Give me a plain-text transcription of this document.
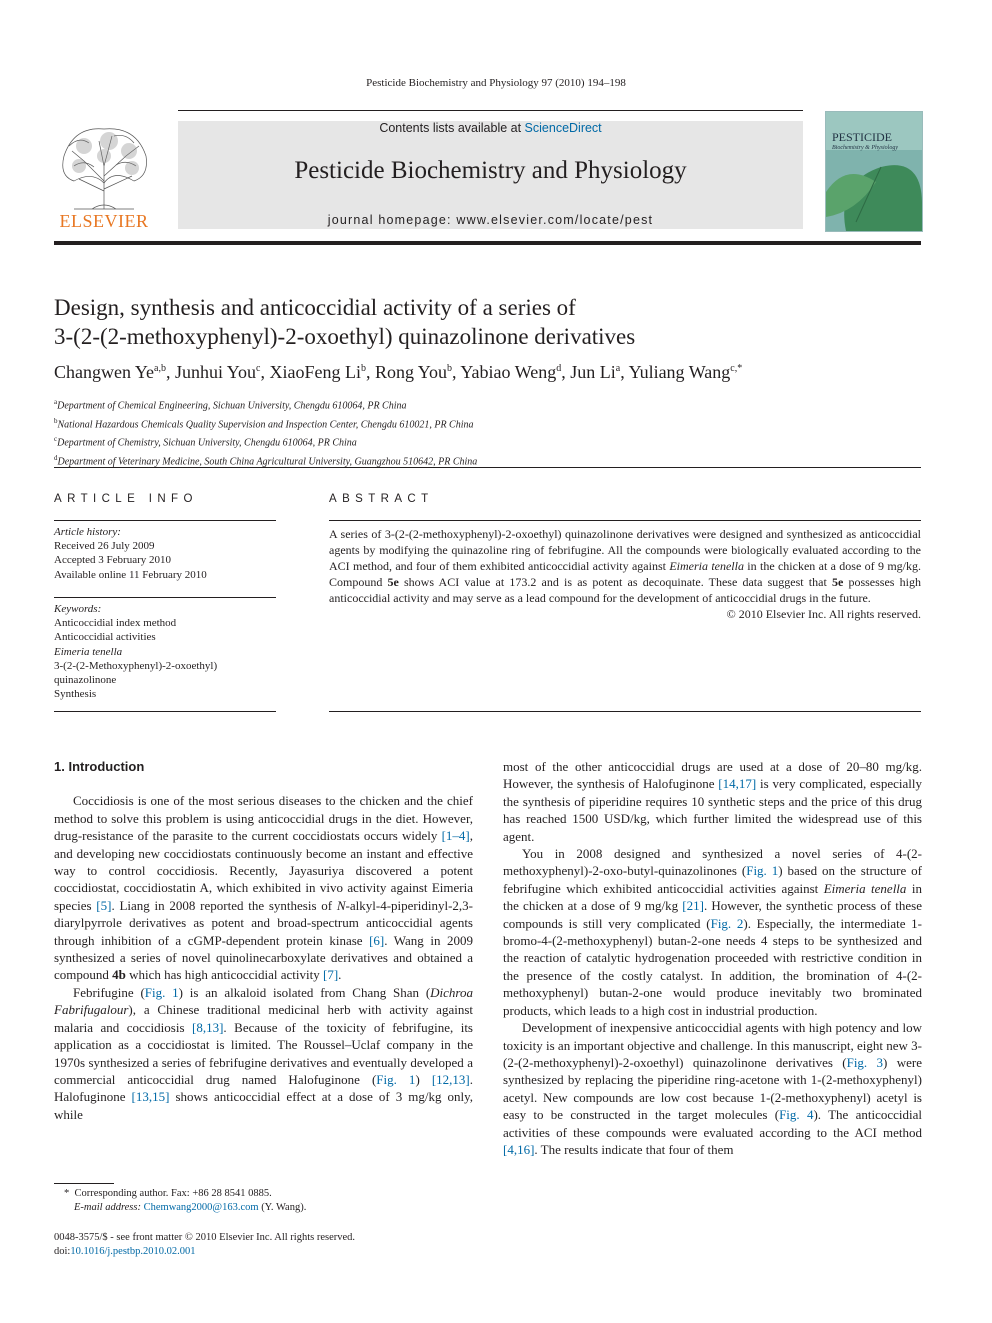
Pesticide Biochemistry and Physiology 97 (2010) 194–198
ELSEVIER
Contents lists available at ScienceDirect
Pesticide Biochemistry and Physiology
journal homepage: www.elsevier.com/locate/pest
PESTICIDE
Biochemistry & Physiology
Design, synthesis and anticoccidial activity of a series of
3-(2-(2-methoxyphenyl)-2-oxoethyl) quinazolinone derivatives
Changwen Ye$^{a,b}$, Junhui You$^c$, XiaoFeng Li$^b$, Rong You$^b$, Yabiao Weng$^d$, Jun Li$^a$, Yuliang Wang$^{c,*}$
$^a$Department of Chemical Engineering, Sichuan University, Chengdu 610064, PR China
$^b$National Hazardous Chemicals Quality Supervision and Inspection Center, Chengdu 610021, PR China
$^c$Department of Chemistry, Sichuan University, Chengdu 610064, PR China
$^d$Department of Veterinary Medicine, South China Agricultural University, Guangzhou 510642, PR China
ARTICLE INFO
Article history:
Received 26 July 2009
Accepted 3 February 2010
Available online 11 February 2010
Keywords:
Anticoccidial index method
Anticoccidial activities
Eimeria tenella
3-(2-(2-Methoxyphenyl)-2-oxoethyl)
quinazolinone
Synthesis
ABSTRACT

A series of 3-(2-(2-methoxyphenyl)-2-oxoethyl) quinazolinone derivatives were designed and synthesized as anticoccidial agents by modifying the quinazoline ring of febrifugine. All the compounds were biologically evaluated according to the ACI method, and four of them exhibited anticoccidial activity against Eimeria tenella in the chicken at a dose of 9 mg/kg. Compound 5e shows ACI value at 173.2 and is as potent as decoquinate. These data suggest that 5e possesses high anticoccidial activity and may serve as a lead compound for the development of anticoccidial drugs in the future.

© 2010 Elsevier Inc. All rights reserved.

1. Introduction

Coccidiosis is one of the most serious diseases to the chicken and the chief method to solve this problem is using anticoccidial drugs in the diet. However, drug-resistance of the parasite to the current coccidiostats occurs widely [1–4], and developing new coccidiostats continuously become an instant and effective way to control coccidiosis. Recently, Jayasuriya discovered a potent coccidiostat, coccidiostatin A, which exhibited in vivo activity against Eimeria species [5]. Liang in 2008 reported the synthesis of N-alkyl-4-piperidinyl-2,3-diarylpyrrole derivatives as potent and broad-spectrum anticoccidial agents through inhibition of a cGMP-dependent protein kinase [6]. Wang in 2009 synthesized a series of novel quinolinecarboxylate derivatives and obtained a compound 4b which has high anticoccidial activity [7].

Febrifugine (Fig. 1) is an alkaloid isolated from Chang Shan (Dichroa Fabrifugalour), a Chinese traditional medicinal herb with activity against malaria and coccidiosis [8,13]. Because of the toxicity of febrifugine, its application as a coccidiostat is limited. The Roussel–Uclaf company in the 1970s synthesized a series of febrifugine derivatives and eventually developed a commercial anticoccidial drug named Halofuginone (Fig. 1) [12,13]. Halofuginone [13,15] shows anticoccidial effect at a dose of 3 mg/kg only, while

most of the other anticoccidial drugs are used at a dose of 20–80 mg/kg. However, the synthesis of Halofuginone [14,17] is very complicated, especially the synthesis of piperidine requires 10 synthetic steps and the price of this drug has reached 1500 USD/kg, which further limited the widespread use of this agent.

You in 2008 designed and synthesized a novel series of 4-(2-methoxyphenyl)-2-oxo-butyl-quinazolinones (Fig. 1) based on the structure of febrifugine which exhibited anticoccidial activities against Eimeria tenella in the chicken at a dose of 9 mg/kg [21]. However, the synthetic process of these compounds is still very complicated (Fig. 2). Especially, the intermediate 1-bromo-4-(2-methoxyphenyl) butan-2-one needs 4 steps to be synthesized and the reaction of catalytic hydrogenation proceeded with restrictive condition in the presence of the costly catalyst. In addition, the bromination of 4-(2-methoxyphenyl) butan-2-one would produce inevitably two brominated products, which leads to a high cost in industrial production.

Development of inexpensive anticoccidial agents with high potency and low toxicity is an important objective and challenge. In this manuscript, eight new 3-(2-(2-methoxyphenyl)-2-oxoethyl) quinazolinone derivatives (Fig. 3) were synthesized by replacing the piperidine ring-acetone with 1-(2-methoxyphenyl) acetyl. New compounds are low cost because 1-(2-methoxyphenyl) acetyl is easy to be constructed in the target molecules (Fig. 4). The anticoccidial activities of these compounds were evaluated according to the ACI method [4,16]. The results indicate that four of them

* Corresponding author. Fax: +86 28 8541 0885.
E-mail address: Chemwang2000@163.com (Y. Wang).
0048-3575/$ - see front matter © 2010 Elsevier Inc. All rights reserved.
doi:10.1016/j.pestbp.2010.02.001
